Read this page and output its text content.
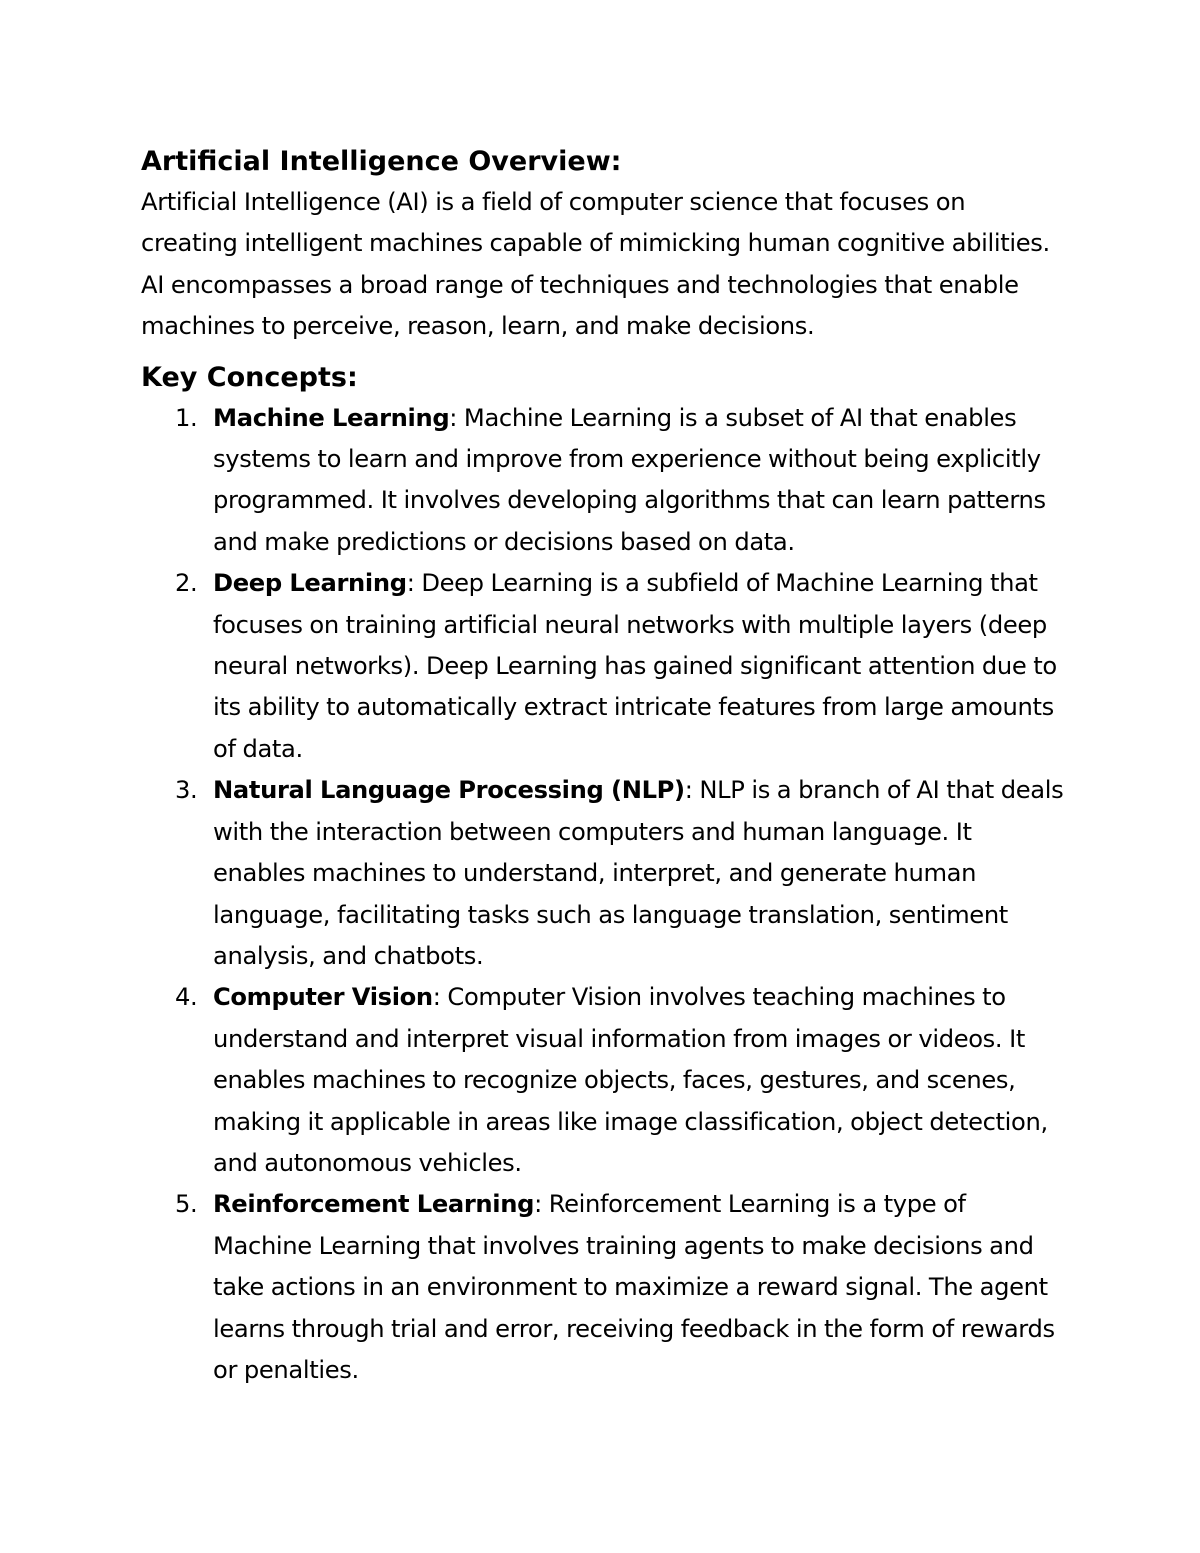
Artificial Intelligence Overview:

Artificial Intelligence (AI) is a field of computer science that focuses on creating intelligent machines capable of mimicking human cognitive abilities. AI encompasses a broad range of techniques and technologies that enable machines to perceive, reason, learn, and make decisions.

Key Concepts:
1. Machine Learning: Machine Learning is a subset of AI that enables systems to learn and improve from experience without being explicitly programmed. It involves developing algorithms that can learn patterns and make predictions or decisions based on data.
2. Deep Learning: Deep Learning is a subfield of Machine Learning that focuses on training artificial neural networks with multiple layers (deep neural networks). Deep Learning has gained significant attention due to its ability to automatically extract intricate features from large amounts of data.
3. Natural Language Processing (NLP): NLP is a branch of AI that deals with the interaction between computers and human language. It enables machines to understand, interpret, and generate human language, facilitating tasks such as language translation, sentiment analysis, and chatbots.
4. Computer Vision: Computer Vision involves teaching machines to understand and interpret visual information from images or videos. It enables machines to recognize objects, faces, gestures, and scenes, making it applicable in areas like image classification, object detection, and autonomous vehicles.
5. Reinforcement Learning: Reinforcement Learning is a type of Machine Learning that involves training agents to make decisions and take actions in an environment to maximize a reward signal. The agent learns through trial and error, receiving feedback in the form of rewards or penalties.
